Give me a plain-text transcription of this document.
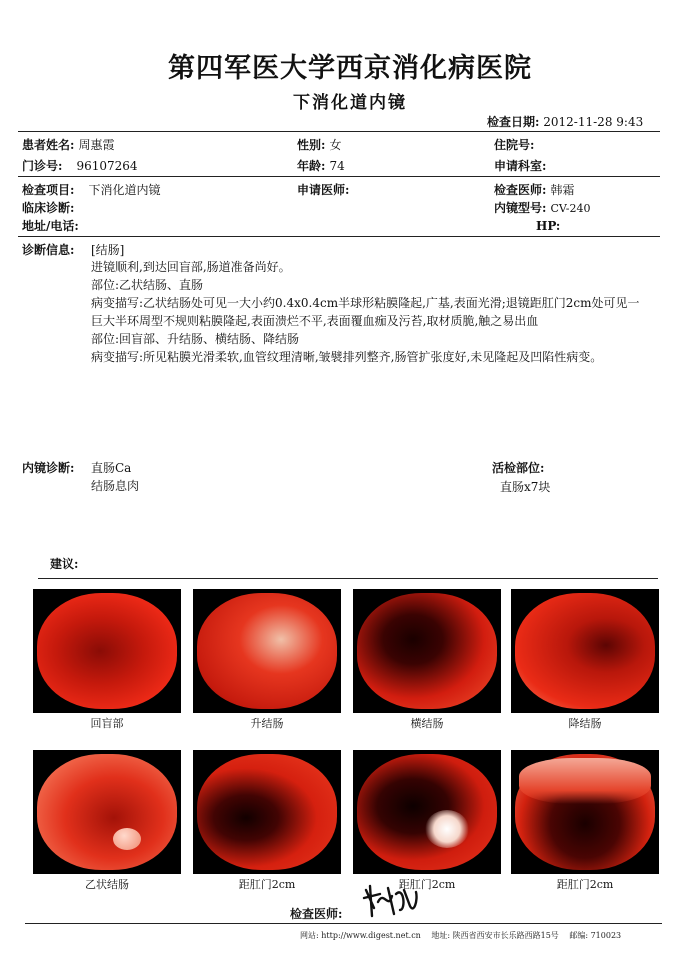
第四军医大学西京消化病医院
下消化道内镜
检查日期: 2012-11-28 9:43
患者姓名: 周惠霞	性别: 女	住院号:
门诊号: 96107264	年龄: 74	申请科室:
检查项目: 下消化道内镜	申请医师:	检查医师: 韩霜
临床诊断:	内镜型号: CV-240
地址/电话:	HP:
诊断信息: [结肠]

进镜顺利,到达回盲部,肠道准备尚好。

部位:乙状结肠、直肠

病变描写:乙状结肠处可见一大小约0.4x0.4cm半球形粘膜隆起,广基,表面光滑;退镜距肛门2cm处可见一巨大半环周型不规则粘膜隆起,表面溃烂不平,表面覆血痂及污苔,取材质脆,触之易出血

部位:回盲部、升结肠、横结肠、降结肠

病变描写:所见粘膜光滑柔软,血管纹理清晰,皱襞排列整齐,肠管扩张度好,未见隆起及凹陷性病变。

内镜诊断: 直肠Ca
结肠息肉
活检部位:
直肠x7块
建议:
回盲部	升结肠	横结肠	降结肠
乙状结肠	距肛门2cm	距肛门2cm	距肛门2cm
检查医师:
网站: http://www.digest.net.cn 地址: 陕西省西安市长乐路西路15号 邮编: 710023
